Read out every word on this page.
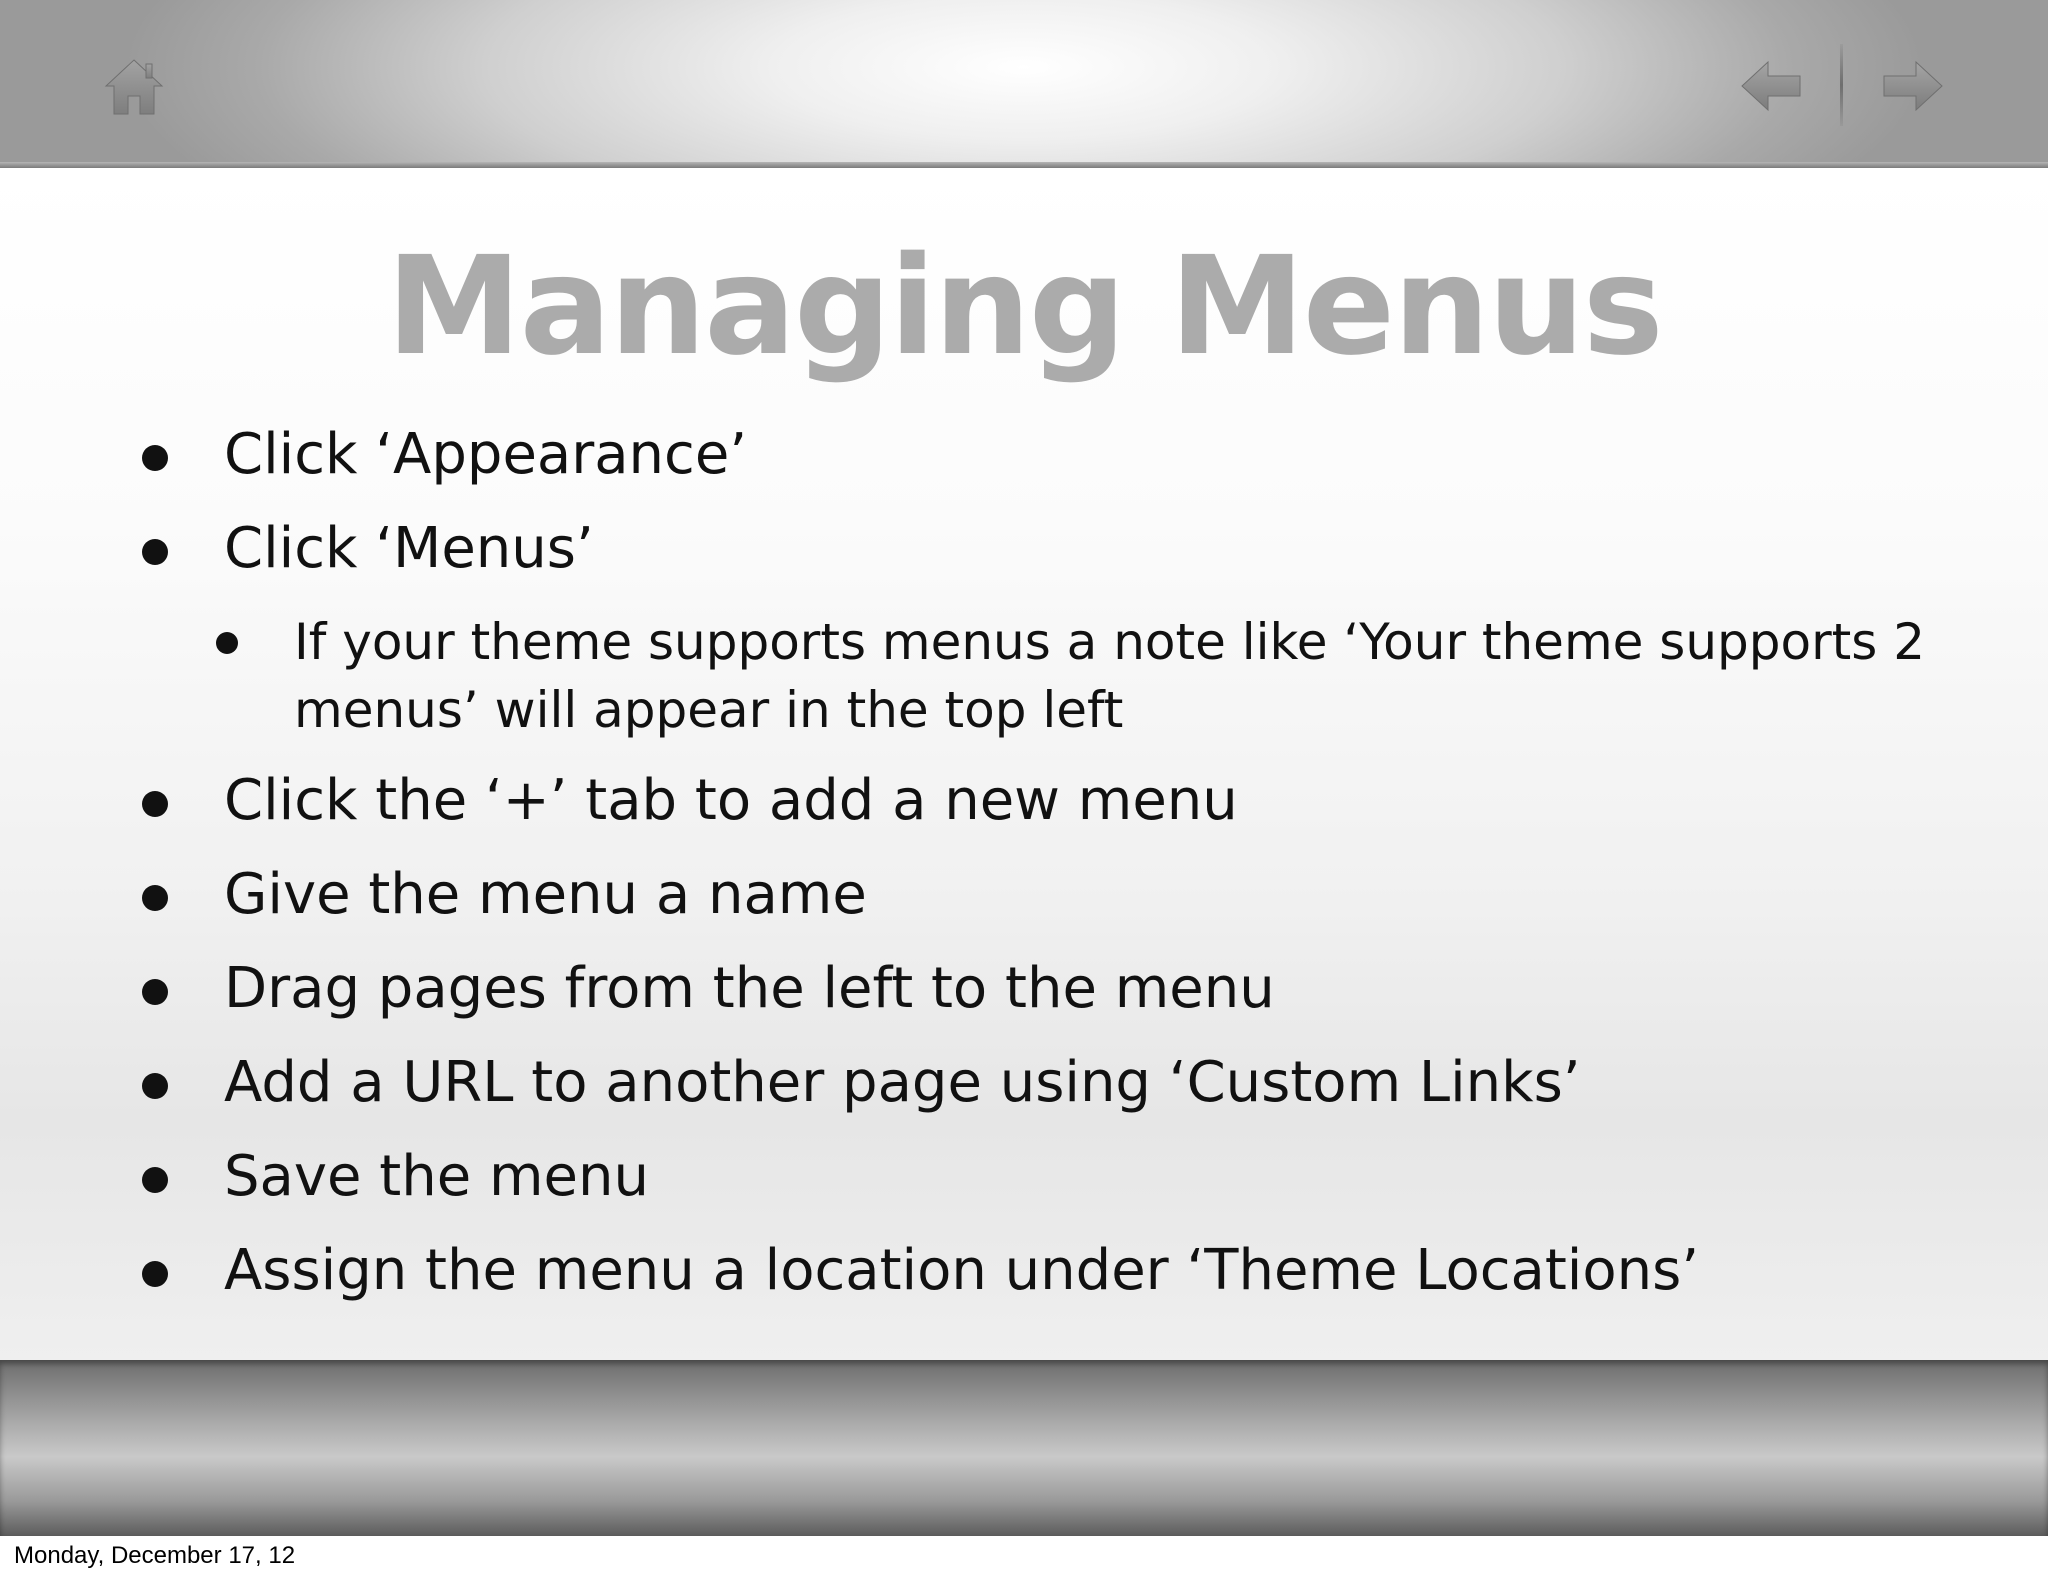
Managing Menus
Click ‘Appearance’
Click ‘Menus’
If your theme supports menus a note like ‘Your theme supports 2 menus’ will appear in the top left
Click the ‘+’ tab to add a new menu
Give the menu a name
Drag pages from the left to the menu
Add a URL to another page using ‘Custom Links’
Save the menu
Assign the menu a location under ‘Theme Locations’
Monday, December 17, 12
